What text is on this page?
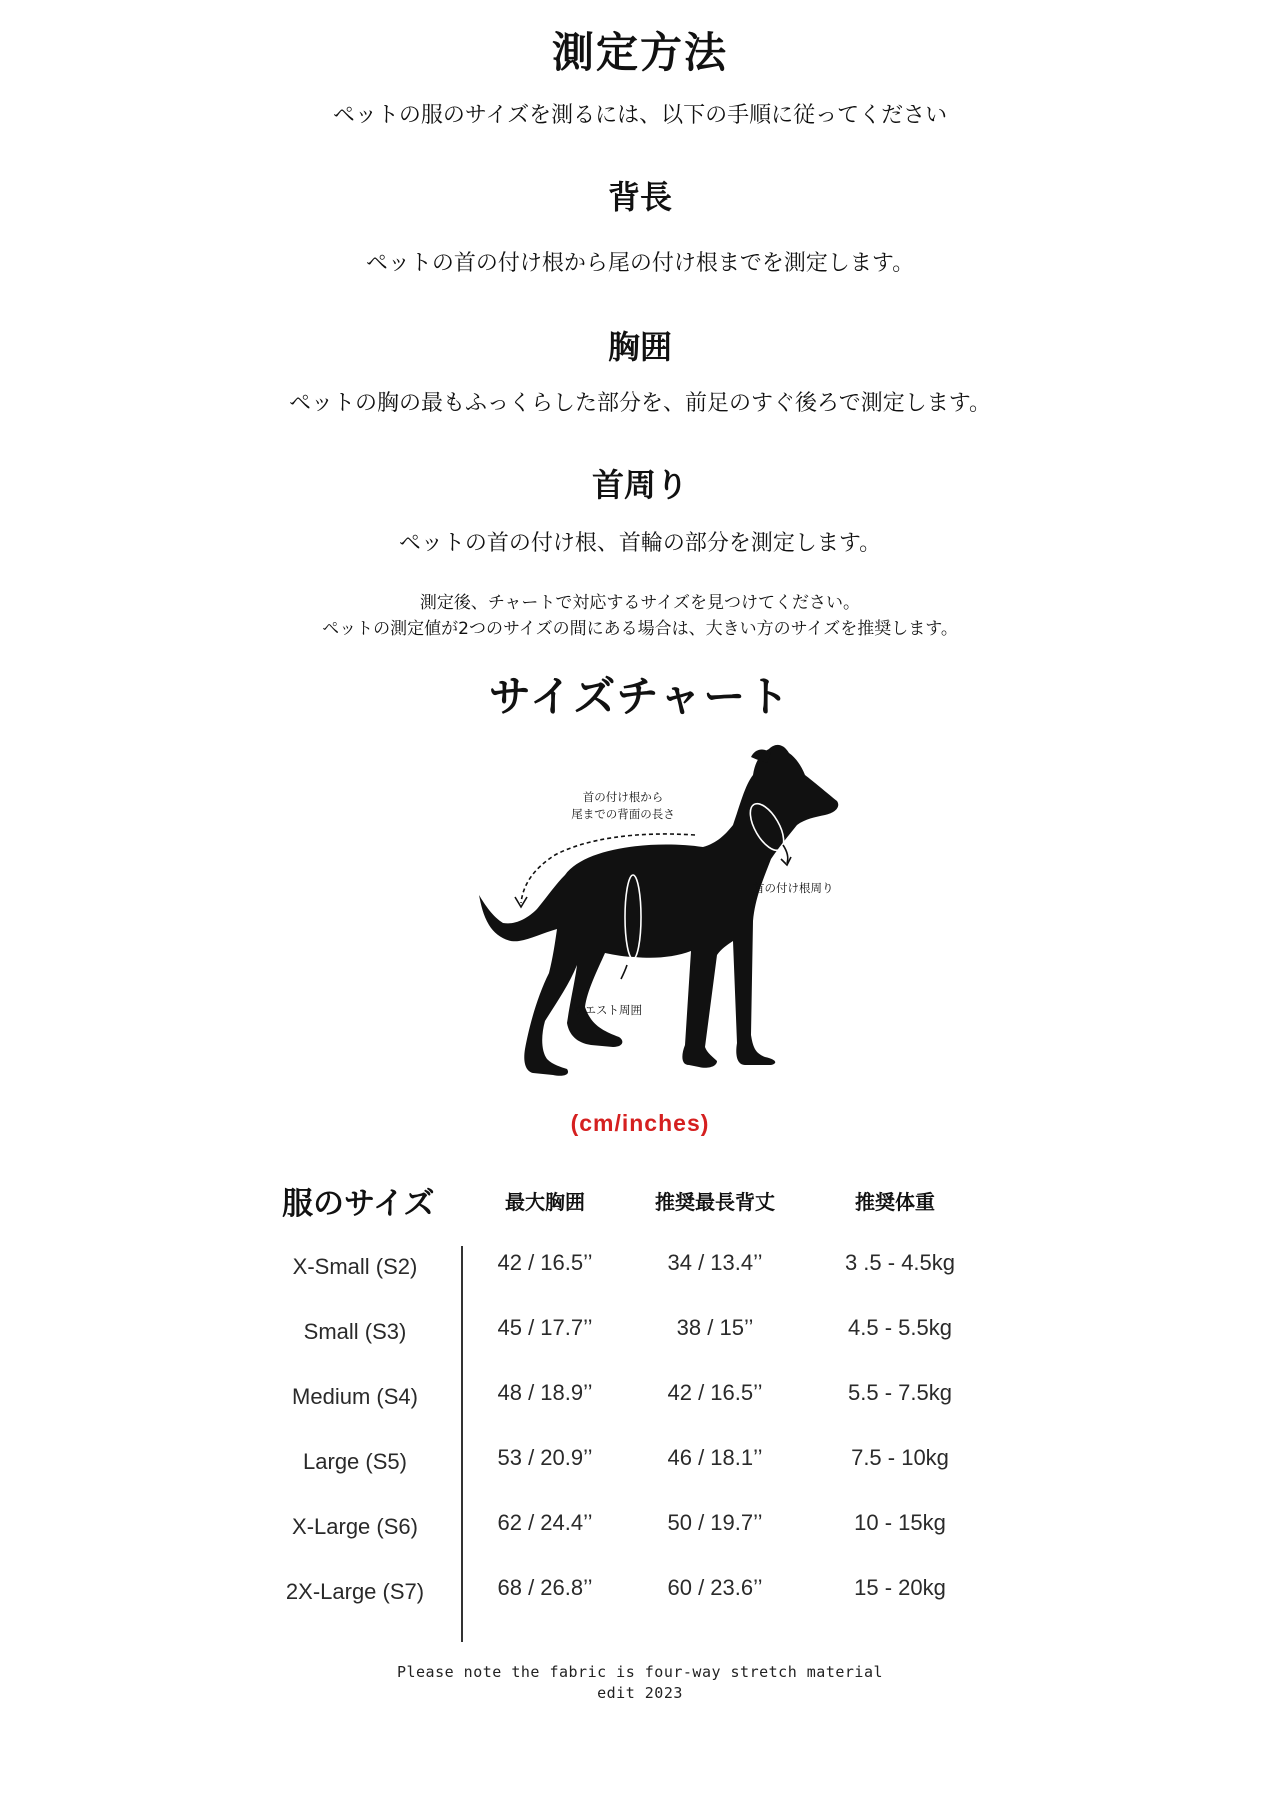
測定方法
ペットの服のサイズを測るには、以下の手順に従ってください
背長
ペットの首の付け根から尾の付け根までを測定します。
胸囲
ペットの胸の最もふっくらした部分を、前足のすぐ後ろで測定します。
首周り
ペットの首の付け根、首輪の部分を測定します。
測定後、チャートで対応するサイズを見つけてください。
ペットの測定値が2つのサイズの間にある場合は、大きい方のサイズを推奨します。
サイズチャート
首の付け根から
尾までの背面の長さ
首の付け根周り
ウエスト周囲
(cm/inches)
服のサイズ	最大胸囲	推奨最長背丈	推奨体重
X-Small (S2)	42 / 16.5’’	34 / 13.4’’	3 .5 - 4.5kg
Small (S3)	45 / 17.7’’	38 / 15’’	4.5 - 5.5kg
Medium (S4)	48 / 18.9’’	42 / 16.5’’	5.5 - 7.5kg
Large (S5)	53 / 20.9’’	46 / 18.1’’	7.5 - 10kg
X-Large (S6)	62 / 24.4’’	50 / 19.7’’	10 - 15kg
2X-Large (S7)	68 / 26.8’’	60 / 23.6’’	15 - 20kg
Please note the fabric is four-way stretch material
edit 2023
